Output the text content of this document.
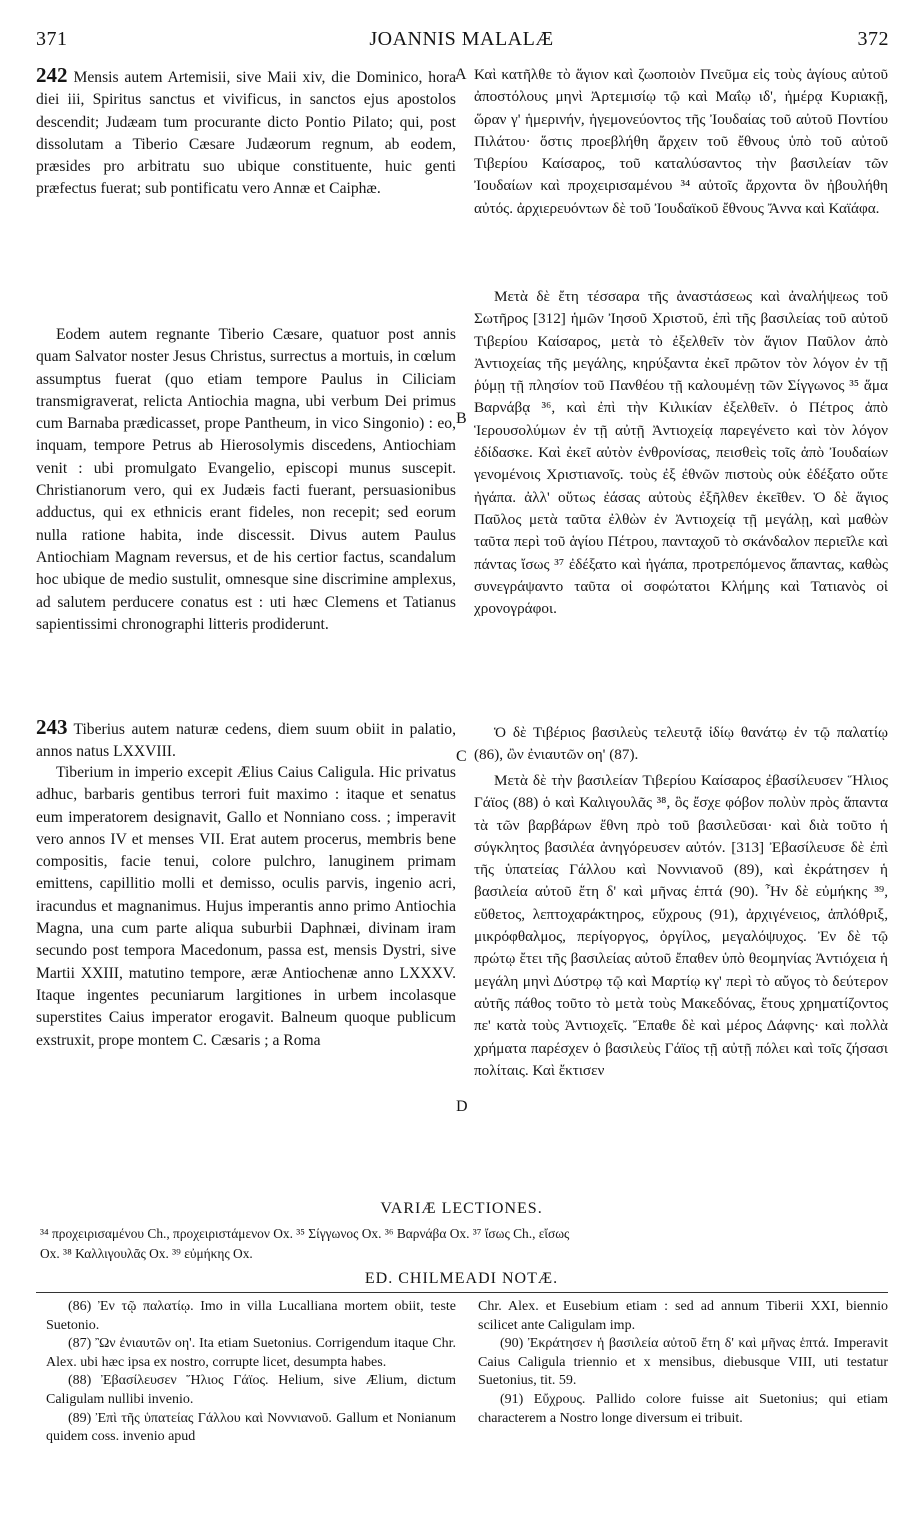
371	JOANNIS MALALÆ	372
242 Mensis autem Artemisii, sive Maii xiv, die Dominico, hora diei iii, Spiritus sanctus et vivificus, in sanctos ejus apostolos descendit; Judæam tum procurante dicto Pontio Pilato; qui, post dissolutam a Tiberio Cæsare Judæorum regnum, ab eodem, præsides pro arbitratu suo ubique constituente, huic genti præfectus fuerat; sub pontificatu vero Annæ et Caiphæ.
Eodem autem regnante Tiberio Cæsare, quatuor post annis quam Salvator noster Jesus Christus, surrectus a mortuis, in cœlum assumptus fuerat (quo etiam tempore Paulus in Ciliciam transmigraverat, relicta Antiochia magna, ubi verbum Dei primus cum Barnaba prædicasset, prope Pantheum, in vico Singonio) : eo, inquam, tempore Petrus ab Hierosolymis discedens, Antiochiam venit : ubi promulgato Evangelio, episcopi munus suscepit. Christianorum vero, qui ex Judæis facti fuerant, persuasionibus adductus, qui ex ethnicis erant fideles, non recepit; sed eorum nulla ratione habita, inde discessit. Divus autem Paulus Antiochiam Magnam reversus, et de his certior factus, scandalum hoc ubique de medio sustulit, omnesque sine discrimine amplexus, ad salutem perducere conatus est : uti hæc Clemens et Tatianus sapientissimi chronographi litteris prodiderunt.
243 Tiberius autem naturæ cedens, diem suum obiit in palatio, annos natus LXXVIII.
Tiberium in imperio excepit Ælius Caius Caligula. Hic privatus adhuc, barbaris gentibus terrori fuit maximo : itaque et senatus eum imperatorem designavit, Gallo et Nonniano coss. ; imperavit vero annos IV et menses VII. Erat autem procerus, membris bene compositis, facie tenui, colore pulchro, lanuginem primam emittens, capillitio molli et demisso, oculis parvis, ingenio acri, iracundus et magnanimus. Hujus imperantis anno primo Antiochia Magna, una cum parte aliqua suburbii Daphnæi, divinam iram secundo post tempora Macedonum, passa est, mensis Dystri, sive Martii XXIII, matutino tempore, æræ Antiochenæ anno LXXXV. Itaque ingentes pecuniarum largitiones in urbem incolasque superstites Caius imperator erogavit. Balneum quoque publicum exstruxit, prope montem C. Cæsaris ; a Roma
A
B
C
D
Καὶ κατῆλθε τὸ ἅγιον καὶ ζωοποιὸν Πνεῦμα εἰς τοὺς ἁγίους αὐτοῦ ἀποστόλους μηνὶ Ἀρτεμισίῳ τῷ καὶ Μαΐῳ ιδ', ἡμέρᾳ Κυριακῇ, ὥραν γ' ἡμερινήν, ἡγεμονεύοντος τῆς Ἰουδαίας τοῦ αὐτοῦ Ποντίου Πιλάτου· ὅστις προεβλήθη ἄρχειν τοῦ ἔθνους ὑπὸ τοῦ αὐτοῦ Τιβερίου Καίσαρος, τοῦ καταλύσαντος τὴν βασιλείαν τῶν Ἰουδαίων καὶ προχειρισαμένου ³⁴ αὐτοῖς ἄρχοντα ὃν ἠβουλήθη αὐτός. ἀρχιερευόντων δὲ τοῦ Ἰουδαϊκοῦ ἔθνους Ἄννα καὶ Καϊάφα.
Μετὰ δὲ ἔτη τέσσαρα τῆς ἀναστάσεως καὶ ἀναλήψεως τοῦ Σωτῆρος [312] ἡμῶν Ἰησοῦ Χριστοῦ, ἐπὶ τῆς βασιλείας τοῦ αὐτοῦ Τιβερίου Καίσαρος, μετὰ τὸ ἐξελθεῖν τὸν ἅγιον Παῦλον ἀπὸ Ἀντιοχείας τῆς μεγάλης, κηρύξαντα ἐκεῖ πρῶτον τὸν λόγον ἐν τῇ ῥύμῃ τῇ πλησίον τοῦ Πανθέου τῇ καλουμένῃ τῶν Σίγγωνος ³⁵ ἅμα Βαρνάβᾳ ³⁶, καὶ ἐπὶ τὴν Κιλικίαν ἐξελθεῖν. ὁ Πέτρος ἀπὸ Ἱερουσολύμων ἐν τῇ αὐτῇ Ἀντιοχείᾳ παρεγένετο καὶ τὸν λόγον ἐδίδασκε. Καὶ ἐκεῖ αὐτὸν ἐνθρονίσας, πεισθεὶς τοῖς ἀπὸ Ἰουδαίων γενομένοις Χριστιανοῖς. τοὺς ἐξ ἐθνῶν πιστοὺς οὐκ ἐδέξατο οὔτε ἠγάπα. ἀλλ' οὕτως ἐάσας αὐτοὺς ἐξῆλθεν ἐκεῖθεν. Ὁ δὲ ἅγιος Παῦλος μετὰ ταῦτα ἐλθὼν ἐν Ἀντιοχείᾳ τῇ μεγάλῃ, καὶ μαθὼν ταῦτα περὶ τοῦ ἁγίου Πέτρου, πανταχοῦ τὸ σκάνδαλον περιεῖλε καὶ πάντας ἴσως ³⁷ ἐδέξατο καὶ ἠγάπα, προτρεπόμενος ἅπαντας, καθὼς συνεγράψαντο ταῦτα οἱ σοφώτατοι Κλήμης καὶ Τατιανὸς οἱ χρονογράφοι.
Ὁ δὲ Τιβέριος βασιλεὺς τελευτᾷ ἰδίῳ θανάτῳ ἐν τῷ παλατίῳ (86), ὢν ἐνιαυτῶν οη' (87).
Μετὰ δὲ τὴν βασιλείαν Τιβερίου Καίσαρος ἐβασίλευσεν Ἥλιος Γάϊος (88) ὁ καὶ Καλιγουλᾶς ³⁸, ὃς ἔσχε φόβον πολὺν πρὸς ἅπαντα τὰ τῶν βαρβάρων ἔθνη πρὸ τοῦ βασιλεῦσαι· καὶ διὰ τοῦτο ἡ σύγκλητος βασιλέα ἀνηγόρευσεν αὐτόν. [313] Ἐβασίλευσε δὲ ἐπὶ τῆς ὑπατείας Γάλλου καὶ Νοννιανοῦ (89), καὶ ἐκράτησεν ἡ βασιλεία αὐτοῦ ἔτη δ' καὶ μῆνας ἑπτά (90). Ἦν δὲ εὐμήκης ³⁹, εὔθετος, λεπτοχαράκτηρος, εὔχρους (91), ἀρχιγένειος, ἁπλόθριξ, μικρόφθαλμος, περίγοργος, ὀργίλος, μεγαλόψυχος. Ἐν δὲ τῷ πρώτῳ ἔτει τῆς βασιλείας αὐτοῦ ἔπαθεν ὑπὸ θεομηνίας Ἀντιόχεια ἡ μεγάλη μηνὶ Δύστρῳ τῷ καὶ Μαρτίῳ κγ' περὶ τὸ αὔγος τὸ δεύτερον αὐτῆς πάθος τοῦτο τὸ μετὰ τοὺς Μακεδόνας, ἔτους χρηματίζοντος πε' κατὰ τοὺς Ἀντιοχεῖς. Ἔπαθε δὲ καὶ μέρος Δάφνης· καὶ πολλὰ χρήματα παρέσχεν ὁ βασιλεὺς Γάϊος τῇ αὐτῇ πόλει καὶ τοῖς ζήσασι πολίταις. Καὶ ἔκτισεν
VARIÆ LECTIONES.
³⁴ προχειρισαμένου Ch., προχειριστάμενον Ox. ³⁵ Σίγγωνος Ox. ³⁶ Βαρνάβα Ox. ³⁷ ἴσως Ch., εἴσως
Ox. ³⁸ Καλλιγουλᾶς Ox. ³⁹ εὐμήκης Ox.
ED. CHILMEADI NOTÆ.

(86) Ἐν τῷ παλατίῳ. Imo in villa Lucalliana mortem obiit, teste Suetonio.

(87) Ὢν ἐνιαυτῶν οη'. Ita etiam Suetonius. Corrigendum itaque Chr. Alex. ubi hæc ipsa ex nostro, corrupte licet, desumpta habes.

(88) Ἐβασίλευσεν Ἥλιος Γάϊος. Helium, sive Ælium, dictum Caligulam nullibi invenio.

(89) Ἐπὶ τῆς ὑπατείας Γάλλου καὶ Νοννιανοῦ. Gallum et Nonianum quidem coss. invenio apud

Chr. Alex. et Eusebium etiam : sed ad annum Tiberii XXI, biennio scilicet ante Caligulam imp.

(90) Ἐκράτησεν ἡ βασιλεία αὐτοῦ ἔτη δ' καὶ μῆνας ἑπτά. Imperavit Caius Caligula triennio et x mensibus, diebusque VIII, uti testatur Suetonius, tit. 59.

(91) Εὔχρους. Pallido colore fuisse ait Suetonius; qui etiam characterem a Nostro longe diversum ei tribuit.
